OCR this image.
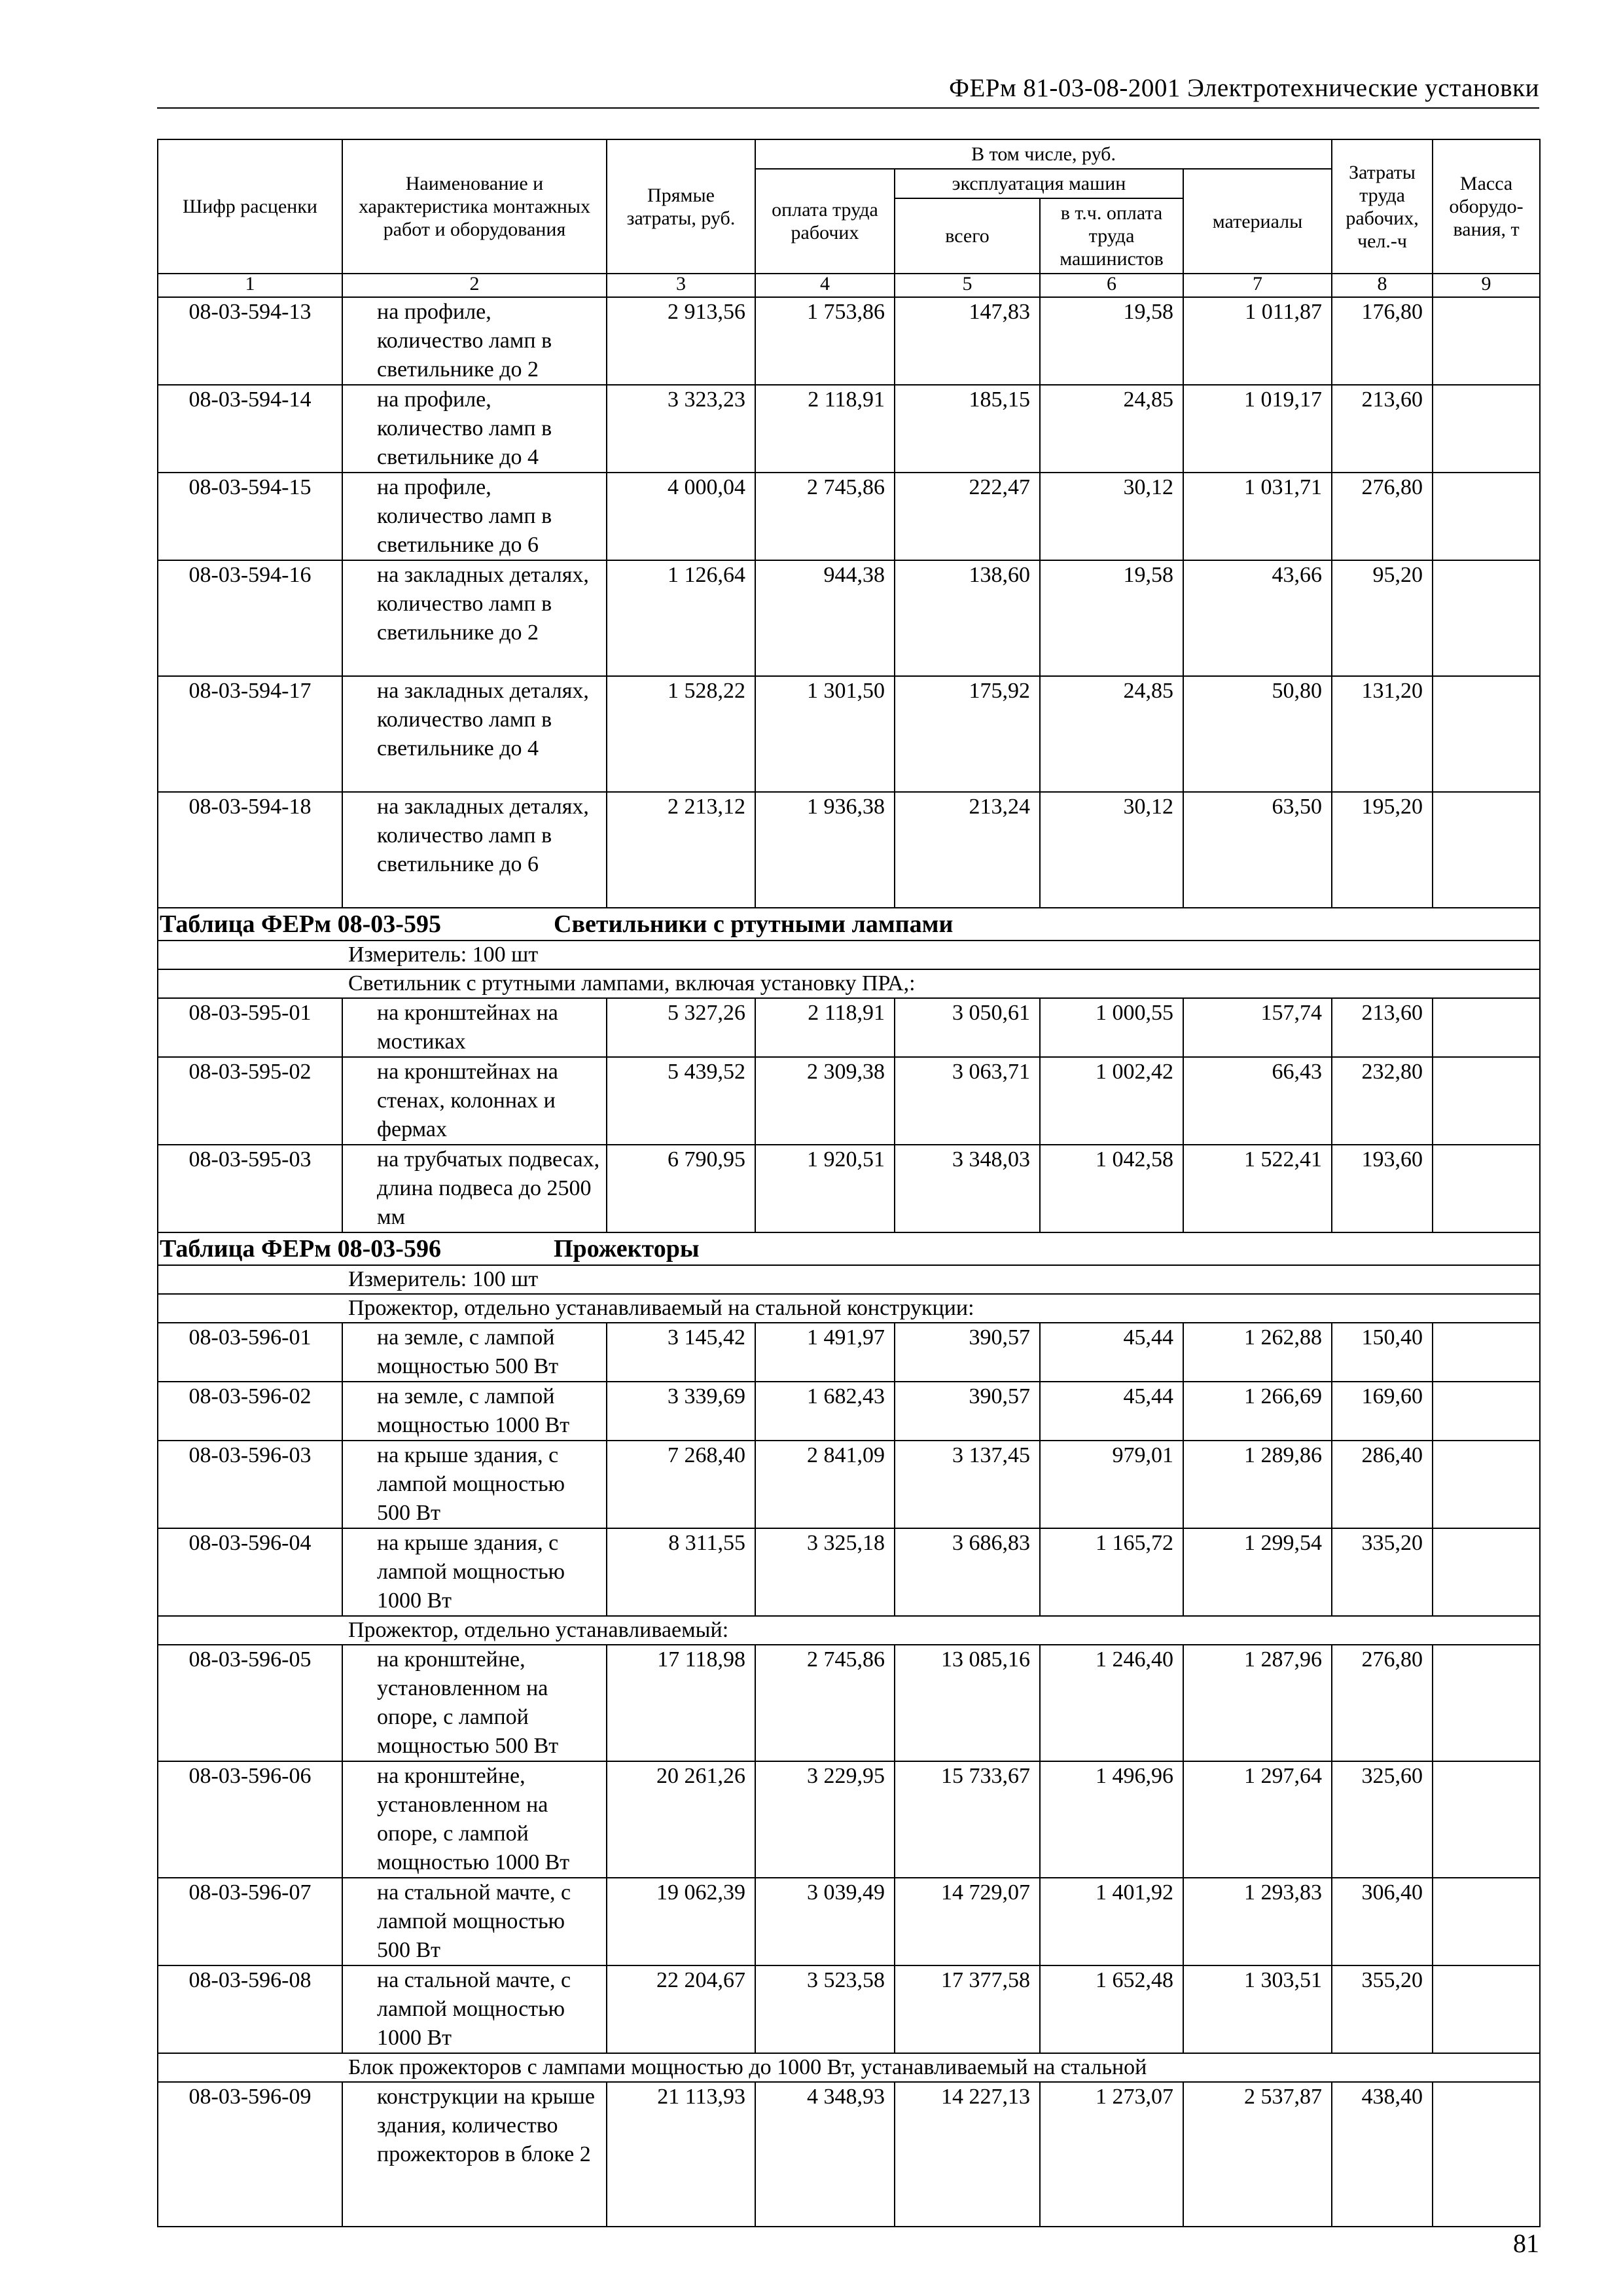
ФЕРм 81-03-08-2001 Электротехнические установки
Шифр расценки	Наименование и характеристика монтажных работ и оборудования	Прямые затраты, руб.	В том числе, руб.				Затраты труда рабочих, чел.-ч	Масса оборудо-вания, т
			оплата труда рабочих	эксплуатация машин		материалы		
				всего	в т.ч. оплата труда машинистов			
1	2	3	4	5	6	7	8	9
08-03-594-13	на профиле, количество ламп в светильнике до 2	2 913,56	1 753,86	147,83	19,58	1 011,87	176,80	
08-03-594-14	на профиле, количество ламп в светильнике до 4	3 323,23	2 118,91	185,15	24,85	1 019,17	213,60	
08-03-594-15	на профиле, количество ламп в светильнике до 6	4 000,04	2 745,86	222,47	30,12	1 031,71	276,80	
08-03-594-16	на закладных деталях, количество ламп в светильнике до 2	1 126,64	944,38	138,60	19,58	43,66	95,20	
08-03-594-17	на закладных деталях, количество ламп в светильнике до 4	1 528,22	1 301,50	175,92	24,85	50,80	131,20	
08-03-594-18	на закладных деталях, количество ламп в светильнике до 6	2 213,12	1 936,38	213,24	30,12	63,50	195,20	
Таблица ФЕРм 08-03-595 Светильники с ртутными лампами								
Измеритель: 100 шт								
Светильник с ртутными лампами, включая установку ПРА,:								
08-03-595-01	на кронштейнах на мостиках	5 327,26	2 118,91	3 050,61	1 000,55	157,74	213,60	
08-03-595-02	на кронштейнах на стенах, колоннах и фермах	5 439,52	2 309,38	3 063,71	1 002,42	66,43	232,80	
08-03-595-03	на трубчатых подвесах, длина подвеса до 2500 мм	6 790,95	1 920,51	3 348,03	1 042,58	1 522,41	193,60	
Таблица ФЕРм 08-03-596 Прожекторы								
Измеритель: 100 шт								
Прожектор, отдельно устанавливаемый на стальной конструкции:								
08-03-596-01	на земле, с лампой мощностью 500 Вт	3 145,42	1 491,97	390,57	45,44	1 262,88	150,40	
08-03-596-02	на земле, с лампой мощностью 1000 Вт	3 339,69	1 682,43	390,57	45,44	1 266,69	169,60	
08-03-596-03	на крыше здания, с лампой мощностью 500 Вт	7 268,40	2 841,09	3 137,45	979,01	1 289,86	286,40	
08-03-596-04	на крыше здания, с лампой мощностью 1000 Вт	8 311,55	3 325,18	3 686,83	1 165,72	1 299,54	335,20	
Прожектор, отдельно устанавливаемый:								
08-03-596-05	на кронштейне, установленном на опоре, с лампой мощностью 500 Вт	17 118,98	2 745,86	13 085,16	1 246,40	1 287,96	276,80	
08-03-596-06	на кронштейне, установленном на опоре, с лампой мощностью 1000 Вт	20 261,26	3 229,95	15 733,67	1 496,96	1 297,64	325,60	
08-03-596-07	на стальной мачте, с лампой мощностью 500 Вт	19 062,39	3 039,49	14 729,07	1 401,92	1 293,83	306,40	
08-03-596-08	на стальной мачте, с лампой мощностью 1000 Вт	22 204,67	3 523,58	17 377,58	1 652,48	1 303,51	355,20	
Блок прожекторов с лампами мощностью до 1000 Вт, устанавливаемый на стальной								
08-03-596-09	конструкции на крыше здания, количество прожекторов в блоке 2	21 113,93	4 348,93	14 227,13	1 273,07	2 537,87	438,40	
81
